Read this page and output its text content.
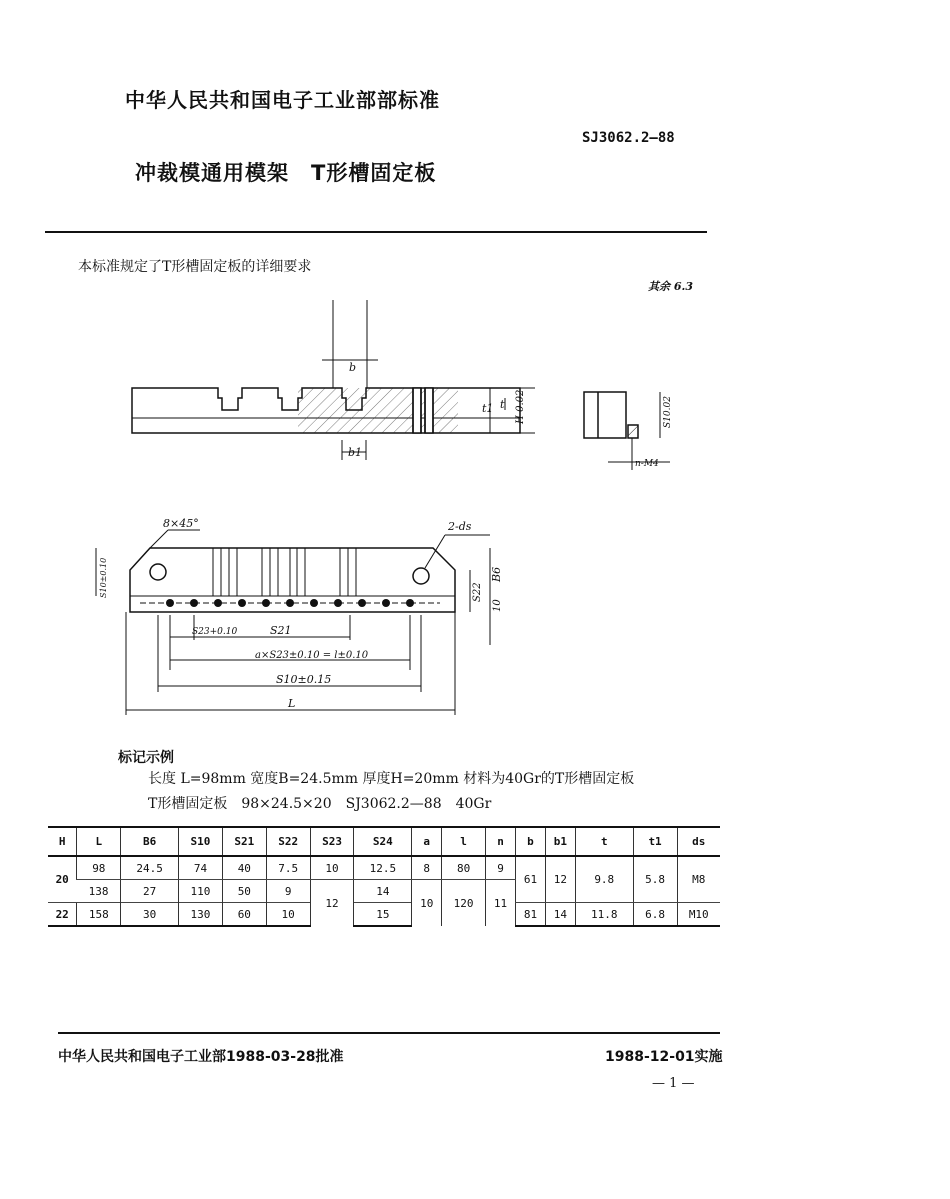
中华人民共和国电子工业部部标准
SJ3062.2—88
冲裁模通用模架　T形槽固定板
本标准规定了T形槽固定板的详细要求
其余 6.3
b
b1
t
t1 H-0.02
8×45°	2-ds
B6
S22
10
S21
S23+0.10
a×S23±0.10 = l±0.10
S10±0.15
L
S10±0.10
n-M4
S10.02
标记示例
长度 L=98mm 宽度B=24.5mm 厚度H=20mm 材料为40Gr的T形槽固定板
T形槽固定板　98×24.5×20　SJ3062.2—88　40Gr
H	L	B6	S10	S21	S22	S23	S24	a	l	n	b	b1	t	t1	ds
20	98	24.5	74	40	7.5	10	12.5	8	80	9	61	12	9.8	5.8	M8
	138	27	110	50	9	12	14	10	120	11					
22	158	30	130	60	10		15				81	14	11.8	6.8	M10
中华人民共和国电子工业部1988-03-28批准	1988-12-01实施
— 1 —
